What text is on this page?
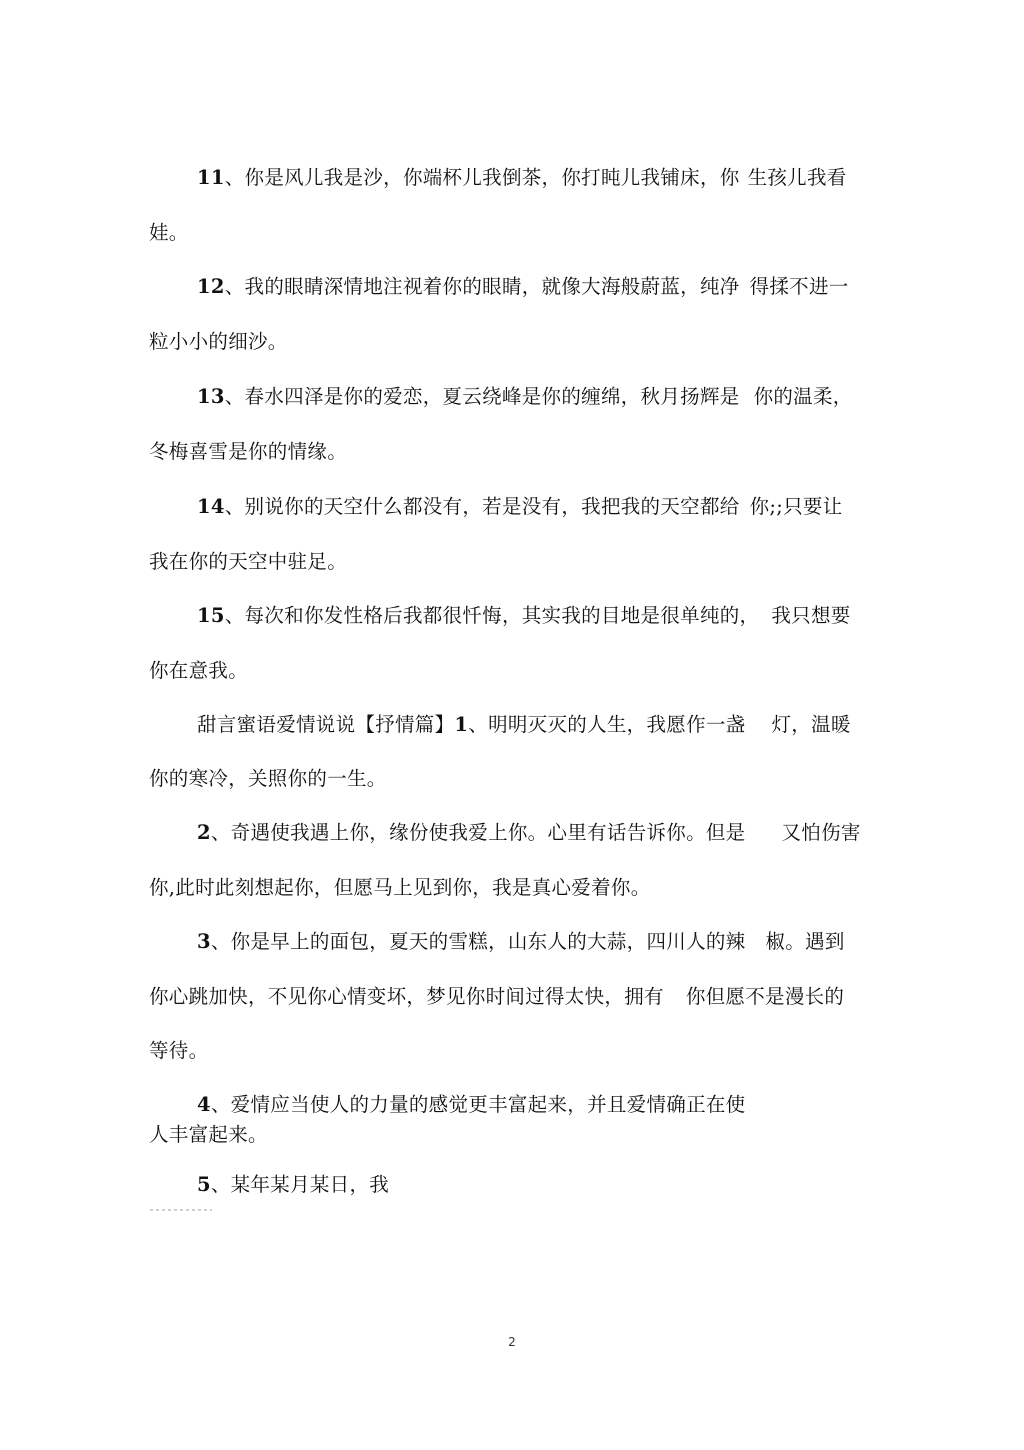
11、你是风儿我是沙，你端杯儿我倒茶，你打盹儿我铺床，你 生孩儿我看
娃。
12、我的眼睛深情地注视着你的眼睛，就像大海般蔚蓝，纯净 得揉不进一
粒小小的细沙。
13、春水四泽是你的爱恋，夏云绕峰是你的缠绵，秋月扬辉是 你的温柔，
冬梅喜雪是你的情缘。
14、别说你的天空什么都没有，若是没有，我把我的天空都给 你;;只要让
我在你的天空中驻足。
15、每次和你发性格后我都很忏悔，其实我的目地是很单纯的， 我只想要
你在意我。
甜言蜜语爱情说说【抒情篇】1、明明灭灭的人生，我愿作一盏 灯，温暖
你的寒冷，关照你的一生。
2、奇遇使我遇上你，缘份使我爱上你。心里有话告诉你。但是 又怕伤害
你,此时此刻想起你，但愿马上见到你，我是真心爱着你。
3、你是早上的面包，夏天的雪糕，山东人的大蒜，四川人的辣 椒。遇到
你心跳加快，不见你心情变坏，梦见你时间过得太快，拥有 你但愿不是漫长的
等待。
4、爱情应当使人的力量的感觉更丰富起来，并且爱情确正在使
人丰富起来。
5、某年某月某日，我
2
